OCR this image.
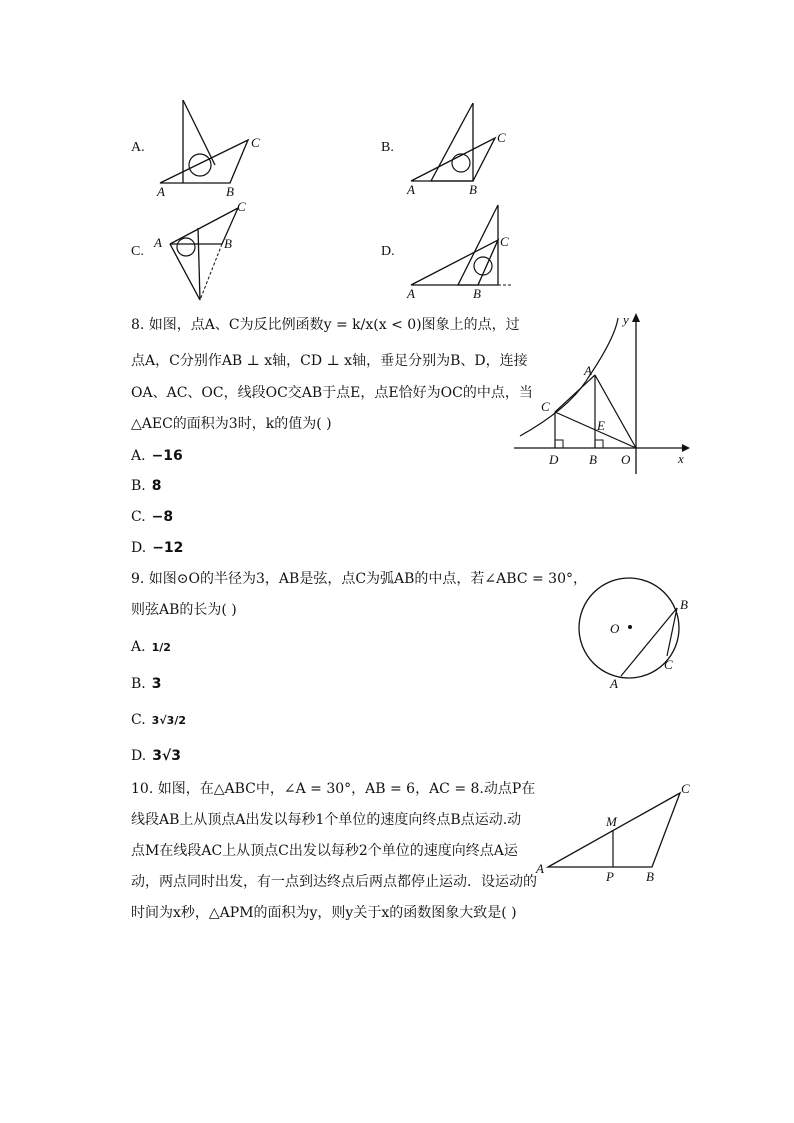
A.
A	B
C	B.
A	B
C
C.
A	B
C
D.
A	B
C
8. 如图，点A、C为反比例函数y = k/x(x < 0)图象上的点，过
点A，C分别作AB ⊥ x轴，CD ⊥ x轴，垂足分别为B、D，连接
OA、AC、OC，线段OC交AB于点E，点E恰好为OC的中点，当
△AEC的面积为3时，k的值为( )
A. −16
B. 8
C. −8
D. −12
y
x
A
C
E
D B O
9. 如图⊙O的半径为3，AB是弦，点C为弧AB的中点，若∠ABC = 30°，
则弦AB的长为( )
A. 1/2
B. 3
C. 3√3/2
D. 3√3
O
A
B
C
10. 如图，在△ABC中，∠A = 30°，AB = 6，AC = 8.动点P在
线段AB上从顶点A出发以每秒1个单位的速度向终点B点运动.动
点M在线段AC上从顶点C出发以每秒2个单位的速度向终点A运
动，两点同时出发，有一点到达终点后两点都停止运动．设运动的
时间为x秒，△APM的面积为y，则y关于x的函数图象大致是( )
A
B
C
M
P
